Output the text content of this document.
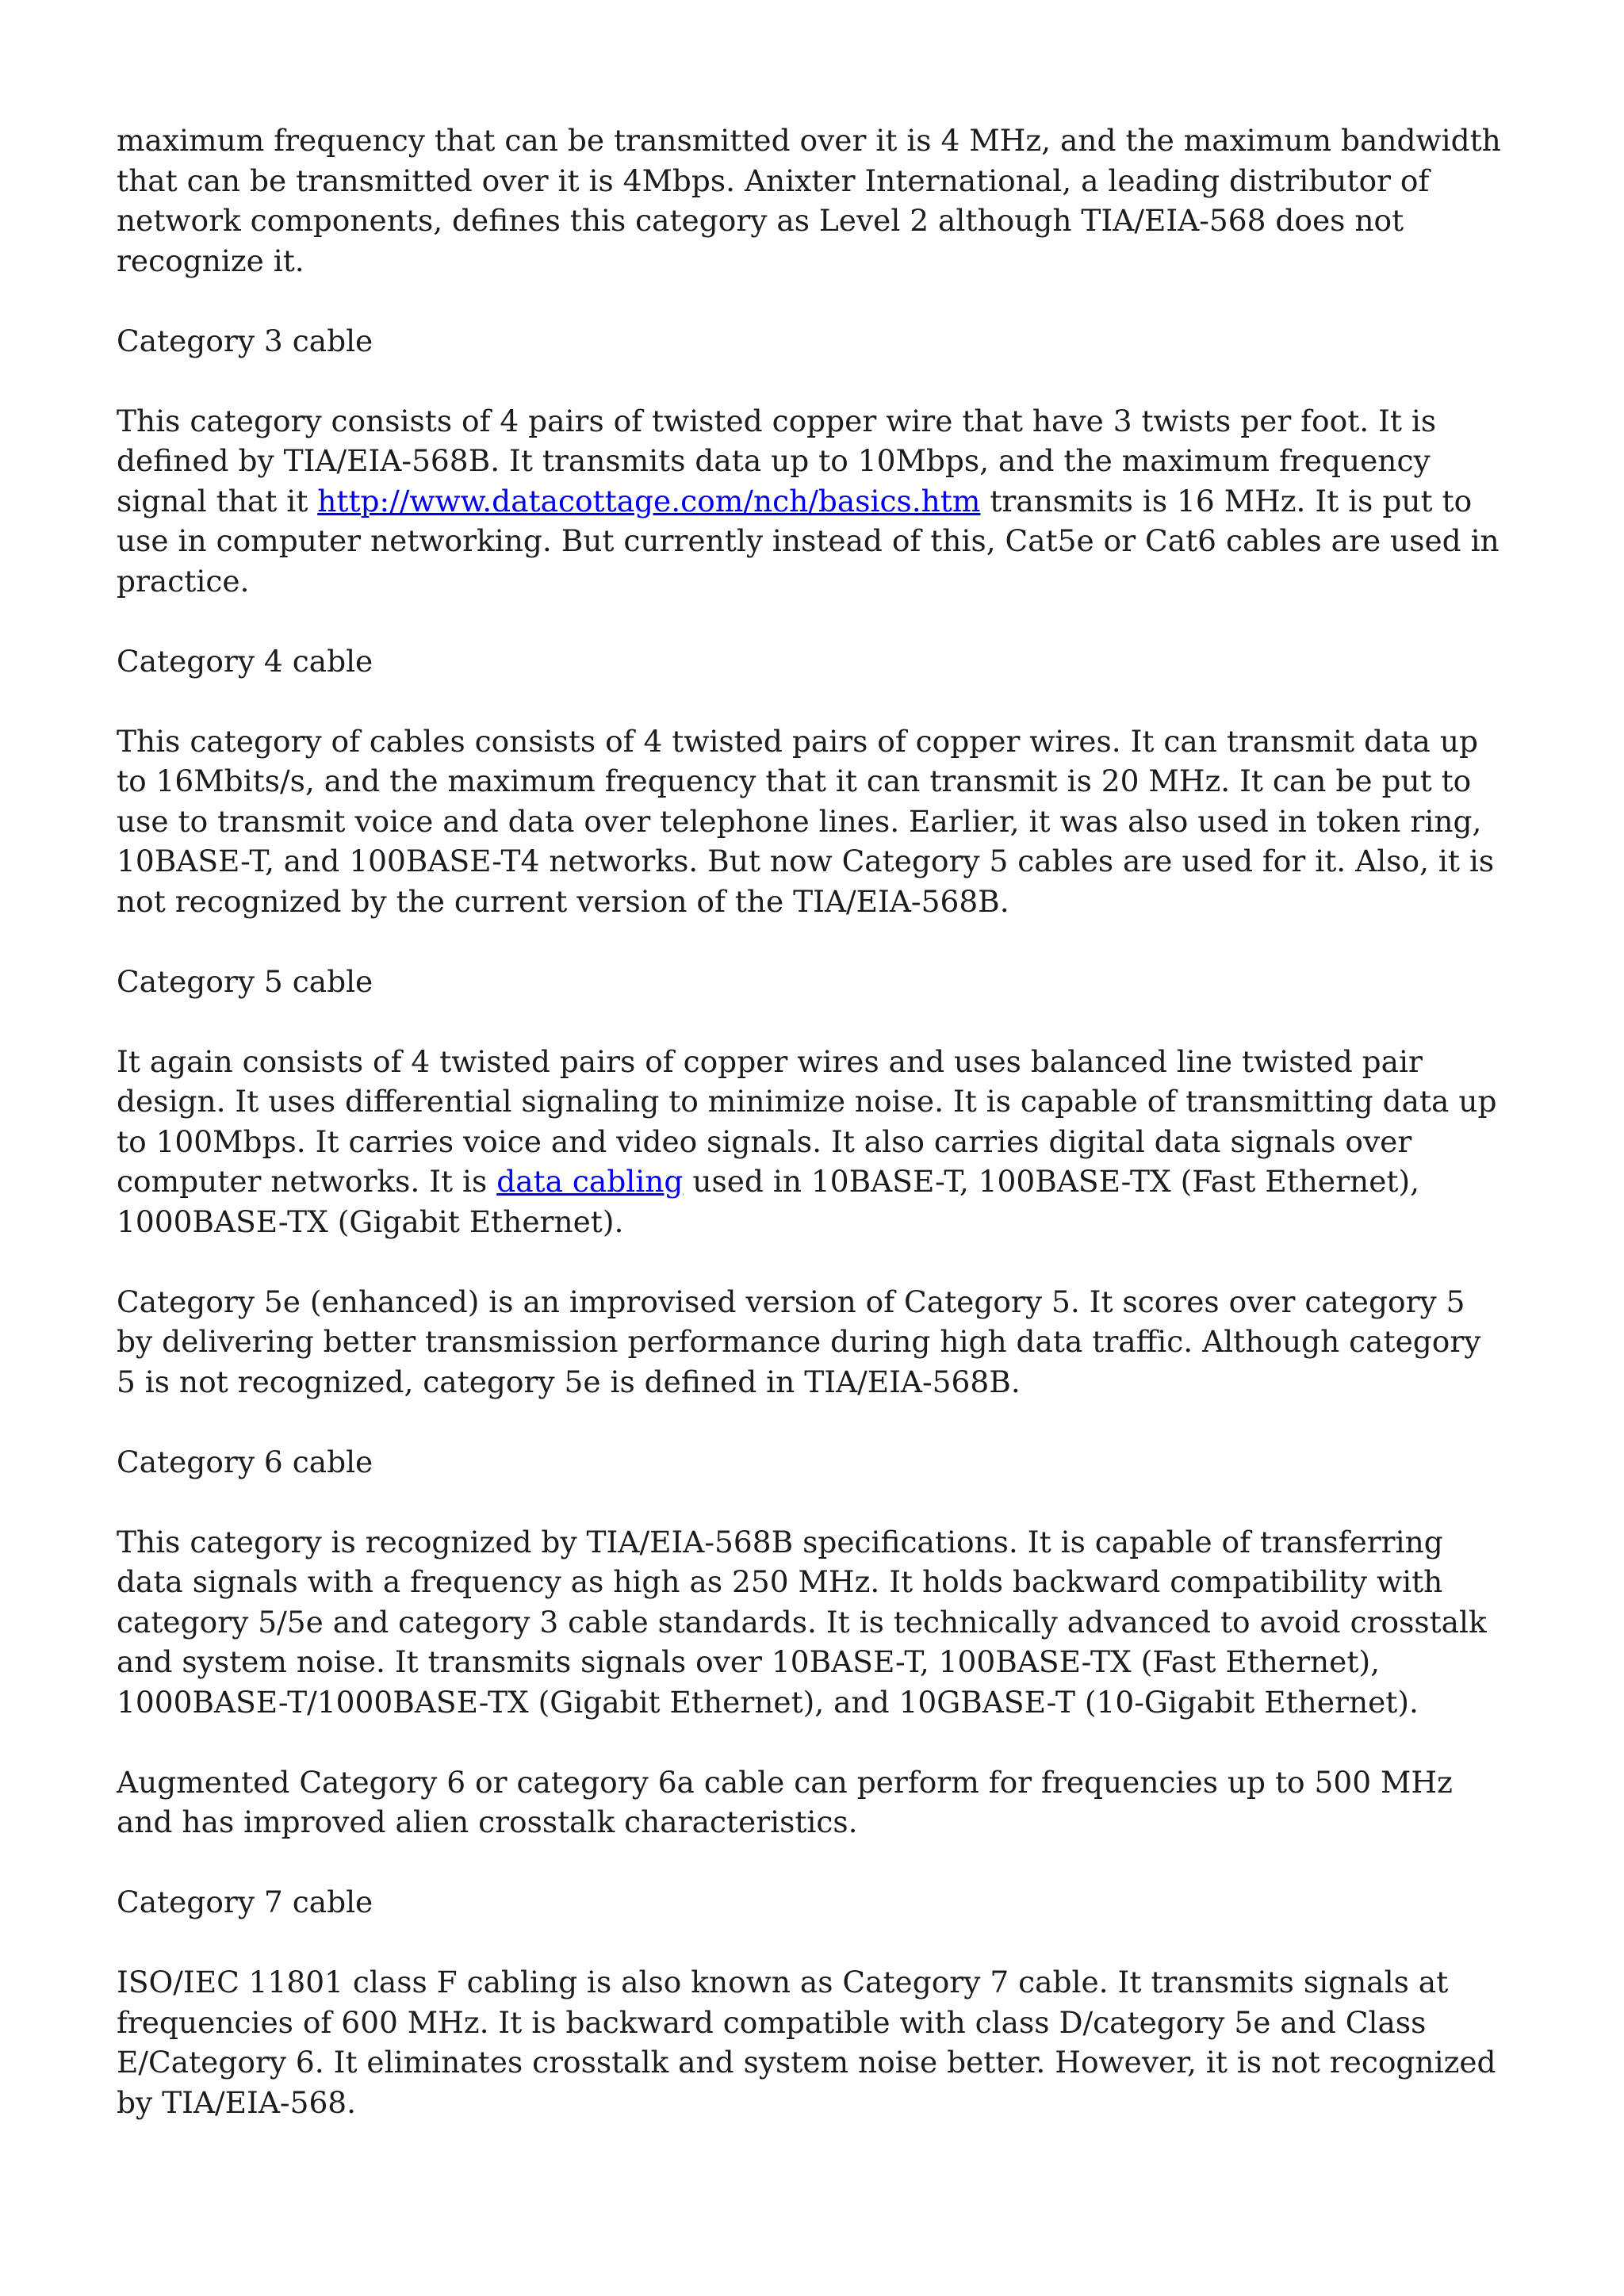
maximum frequency that can be transmitted over it is 4 MHz, and the maximum bandwidth that can be transmitted over it is 4Mbps. Anixter International, a leading distributor of network components, defines this category as Level 2 although TIA/EIA-568 does not recognize it.

Category 3 cable

This category consists of 4 pairs of twisted copper wire that have 3 twists per foot. It is defined by TIA/EIA-568B. It transmits data up to 10Mbps, and the maximum frequency signal that it http://www.datacottage.com/nch/basics.htm transmits is 16 MHz. It is put to use in computer networking. But currently instead of this, Cat5e or Cat6 cables are used in practice.

Category 4 cable

This category of cables consists of 4 twisted pairs of copper wires. It can transmit data up to 16Mbits/s, and the maximum frequency that it can transmit is 20 MHz. It can be put to use to transmit voice and data over telephone lines. Earlier, it was also used in token ring, 10BASE-T, and 100BASE-T4 networks. But now Category 5 cables are used for it. Also, it is not recognized by the current version of the TIA/EIA-568B.

Category 5 cable

It again consists of 4 twisted pairs of copper wires and uses balanced line twisted pair design. It uses differential signaling to minimize noise. It is capable of transmitting data up to 100Mbps. It carries voice and video signals. It also carries digital data signals over computer networks. It is data cabling used in 10BASE-T, 100BASE-TX (Fast Ethernet), 1000BASE-TX (Gigabit Ethernet).

Category 5e (enhanced) is an improvised version of Category 5. It scores over category 5 by delivering better transmission performance during high data traffic. Although category 5 is not recognized, category 5e is defined in TIA/EIA-568B.

Category 6 cable

This category is recognized by TIA/EIA-568B specifications. It is capable of transferring data signals with a frequency as high as 250 MHz. It holds backward compatibility with category 5/5e and category 3 cable standards. It is technically advanced to avoid crosstalk and system noise. It transmits signals over 10BASE-T, 100BASE-TX (Fast Ethernet), 1000BASE-T/1000BASE-TX (Gigabit Ethernet), and 10GBASE-T (10-Gigabit Ethernet).

Augmented Category 6 or category 6a cable can perform for frequencies up to 500 MHz and has improved alien crosstalk characteristics.

Category 7 cable

ISO/IEC 11801 class F cabling is also known as Category 7 cable. It transmits signals at frequencies of 600 MHz. It is backward compatible with class D/category 5e and Class E/Category 6. It eliminates crosstalk and system noise better. However, it is not recognized by TIA/EIA-568.
